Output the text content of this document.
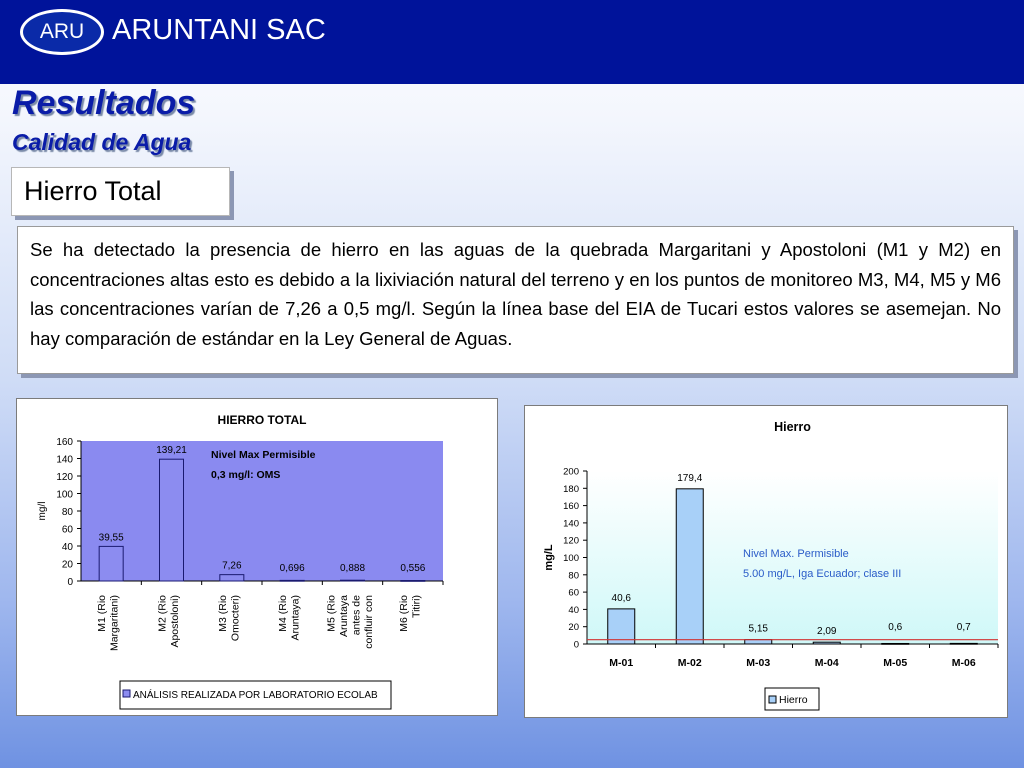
ARU ARUNTANI SAC
Resultados
Calidad de Agua
Hierro Total
Se ha detectado la presencia de hierro en las aguas de la quebrada Margaritani y Apostoloni (M1 y M2) en concentraciones altas esto es debido a la lixiviación natural del terreno y en los puntos de monitoreo M3, M4, M5 y M6 las concentraciones varían de 7,26 a 0,5 mg/l. Según la línea base del EIA de Tucari estos valores se asemejan. No hay comparación de estándar en la Ley General de Aguas.
HIERRO TOTAL
0
20
40
60
80
100
120
140
160
mg/l
39,55
M1 (RioMargaritani)
139,21
M2 (RioApostoloni)
7,26
M3 (RioOmocteri)
0,696
M4 (RioAruntaya)
0,888
M5 (RioAruntayaantes deconfluir con
0,556
M6 (RioTitiri)
Nivel Max Permisible
0,3 mg/l: OMS
ANÁLISIS REALIZADA POR LABORATORIO ECOLAB
Hierro
0
20
40
60
80
100
120
140
160
180
200
mg/L
40,6
M-01
179,4
M-02
5,15
M-03
2,09
M-04
0,6
M-05
0,7
M-06
Nivel Max. Permisible
5.00 mg/L, Iga Ecuador; clase III
Hierro
